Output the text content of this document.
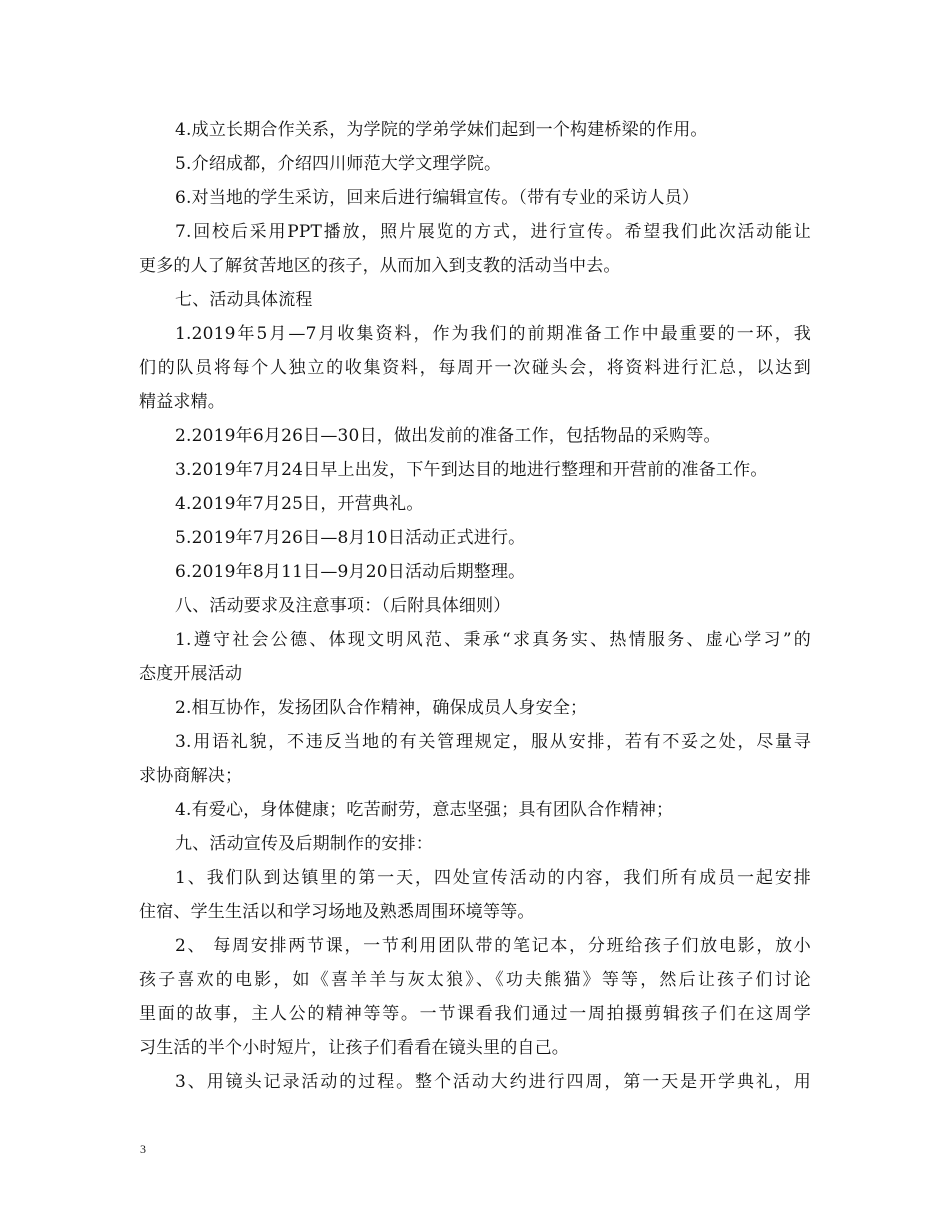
4.成立长期合作关系，为学院的学弟学妹们起到一个构建桥梁的作用。
5.介绍成都，介绍四川师范大学文理学院。
6.对当地的学生采访，回来后进行编辑宣传。（带有专业的采访人员）
7.回校后采用PPT播放，照片展览的方式，进行宣传。希望我们此次活动能让
更多的人了解贫苦地区的孩子，从而加入到支教的活动当中去。
七、活动具体流程
1.2019年5月—7月收集资料，作为我们的前期准备工作中最重要的一环，我
们的队员将每个人独立的收集资料，每周开一次碰头会，将资料进行汇总，以达到
精益求精。
2.2019年6月26日—30日，做出发前的准备工作，包括物品的采购等。
3.2019年7月24日早上出发，下午到达目的地进行整理和开营前的准备工作。
4.2019年7月25日，开营典礼。
5.2019年7月26日—8月10日活动正式进行。
6.2019年8月11日—9月20日活动后期整理。
八、活动要求及注意事项：（后附具体细则）
1.遵守社会公德、体现文明风范、秉承“求真务实、热情服务、虚心学习”的
态度开展活动
2.相互协作，发扬团队合作精神，确保成员人身安全；
3.用语礼貌，不违反当地的有关管理规定，服从安排，若有不妥之处，尽量寻
求协商解决；
4.有爱心，身体健康；吃苦耐劳，意志坚强；具有团队合作精神；
九、活动宣传及后期制作的安排：
1、我们队到达镇里的第一天，四处宣传活动的内容，我们所有成员一起安排
住宿、学生生活以和学习场地及熟悉周围环境等等。
2、 每周安排两节课，一节利用团队带的笔记本，分班给孩子们放电影，放小
孩子喜欢的电影，如《喜羊羊与灰太狼》、《功夫熊猫》等等，然后让孩子们讨论
里面的故事，主人公的精神等等。一节课看我们通过一周拍摄剪辑孩子们在这周学
习生活的半个小时短片，让孩子们看看在镜头里的自己。
3、用镜头记录活动的过程。整个活动大约进行四周，第一天是开学典礼，用
3
